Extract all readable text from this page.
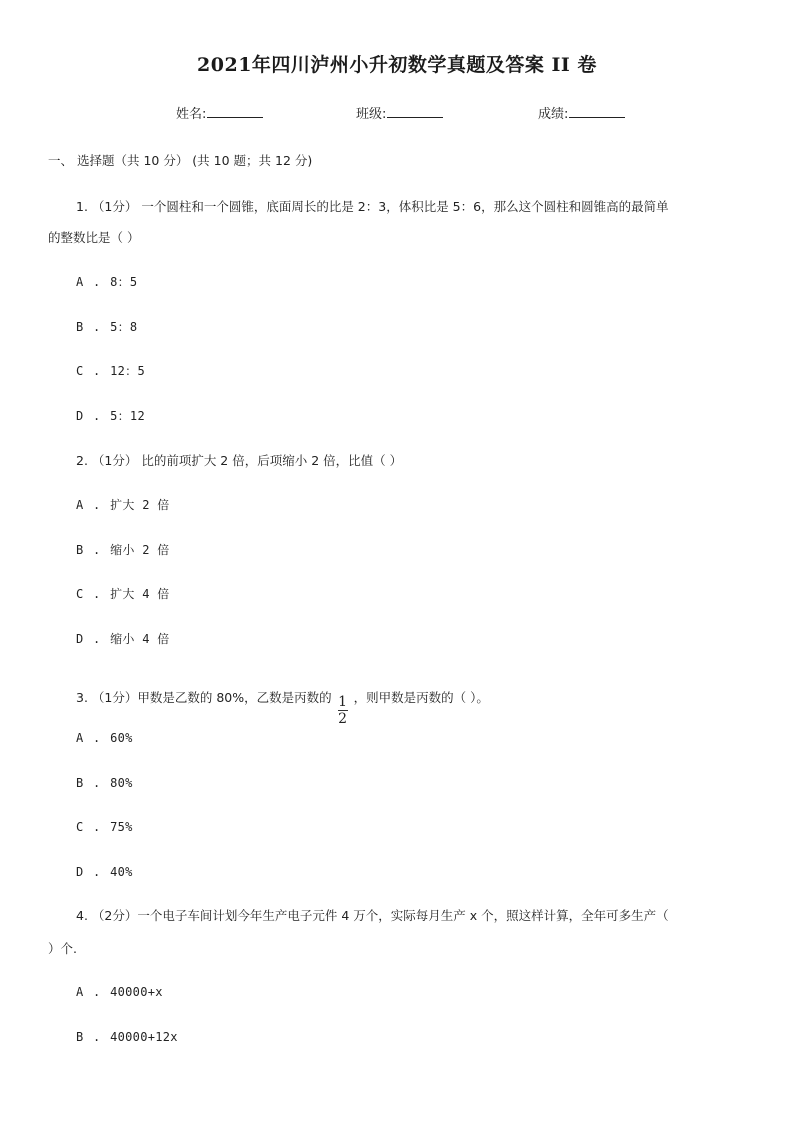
2021年四川泸州小升初数学真题及答案 II 卷
姓名:	班级:	成绩:
一、 选择题（共 10 分） (共 10 题；共 12 分)
1. （1分） 一个圆柱和一个圆锥，底面周长的比是 2：3，体积比是 5：6，那么这个圆柱和圆锥高的最简单
的整数比是（ ）
A . 8：5
B . 5：8
C . 12：5
D . 5：12
2. （1分） 比的前项扩大 2 倍，后项缩小 2 倍，比值（ ）
A . 扩大 2 倍
B . 缩小 2 倍
C . 扩大 4 倍
D . 缩小 4 倍
3. （1分）甲数是乙数的 80%，乙数是丙数的 $\frac{1}{2}$ ，则甲数是丙数的（ ）。
A . 60%
B . 80%
C . 75%
D . 40%
4. （2分）一个电子车间计划今年生产电子元件 4 万个，实际每月生产 x 个，照这样计算，全年可多生产（
）个.
A . 40000+x
B . 40000+12x
